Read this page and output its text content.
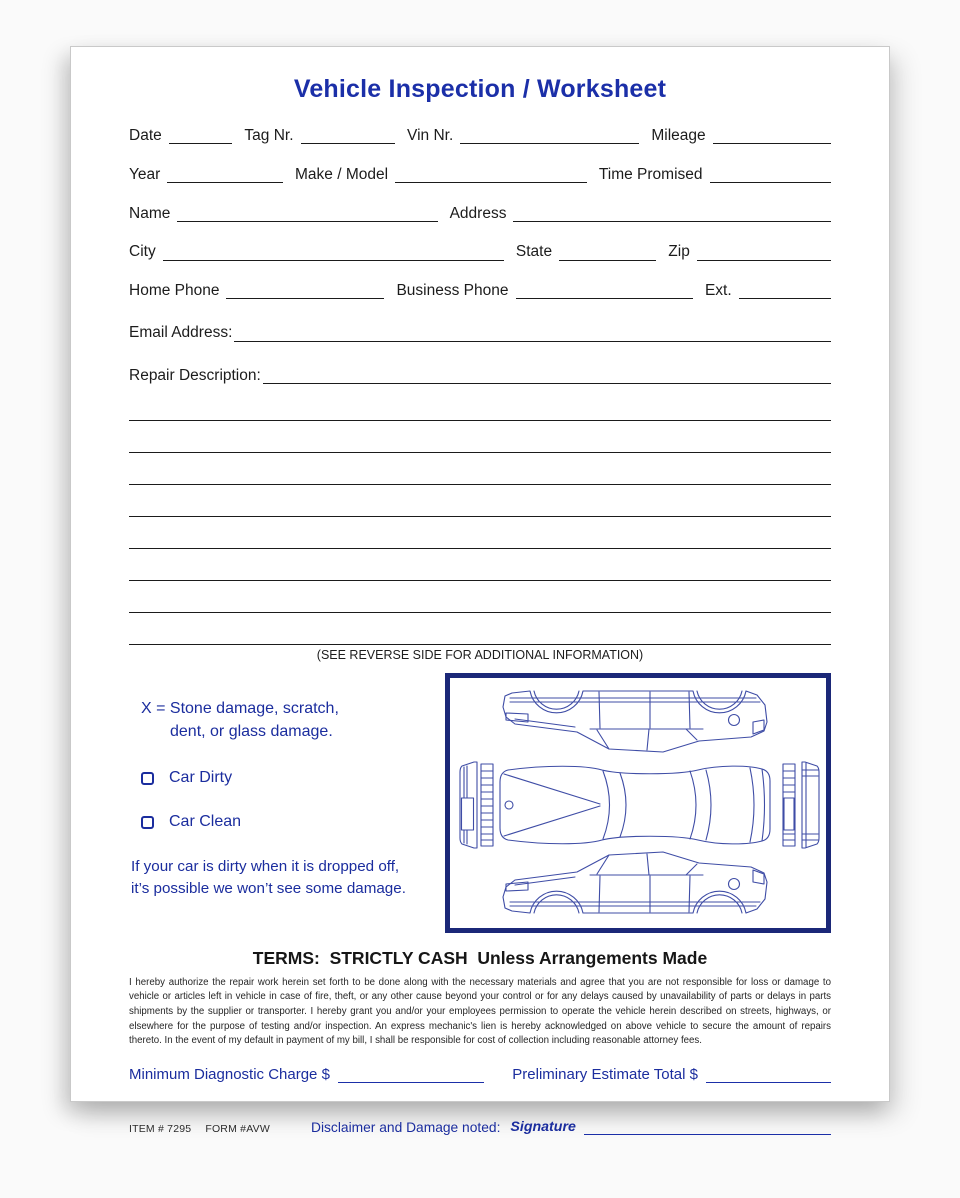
Vehicle Inspection / Worksheet
Date	Tag Nr.	Vin Nr.	Mileage
Year	Make / Model	Time Promised
Name	Address
City	State	Zip
Home Phone	Business Phone	Ext.
Email Address:
Repair Description:
(SEE REVERSE SIDE FOR ADDITIONAL INFORMATION)
X = Stone damage, scratch,
dent, or glass damage.
Car Dirty
Car Clean
If your car is dirty when it is dropped off,
it’s possible we won’t see some damage.
TERMS:  STRICTLY CASH  Unless Arrangements Made
I hereby authorize the repair work herein set forth to be done along with the necessary materials and agree that you are not responsible for loss or damage to vehicle or articles left in vehicle in case of fire, theft, or any other cause beyond your control or for any delays caused by unavailability of parts or delays in parts shipments by the supplier or transporter. I hereby grant you and/or your employees permission to operate the vehicle herein described on streets, highways, or elsewhere for the purpose of testing and/or inspection. An express mechanic's lien is hereby acknowledged on above vehicle to secure the amount of repairs thereto. In the event of my default in payment of my bill, I shall be responsible for cost of collection including reasonable attorney fees.
Minimum Diagnostic Charge $	Preliminary Estimate Total $
ITEM # 7295 FORM #AVW	Disclaimer and Damage noted: Signature
